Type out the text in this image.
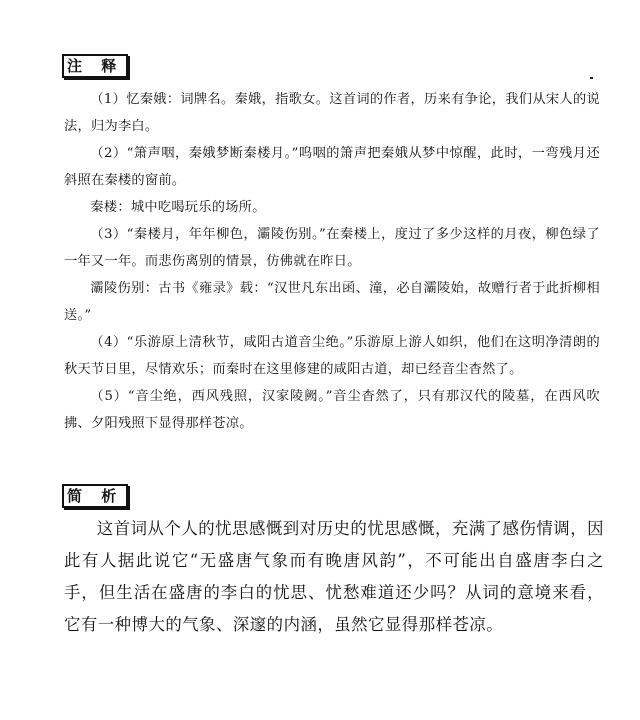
注 释

（1）忆秦娥：词牌名。秦娥，指歌女。这首词的作者，历来有争论，我们从宋人的说法，归为李白。

（2）“箫声咽，秦娥梦断秦楼月。”呜咽的箫声把秦娥从梦中惊醒，此时，一弯残月还斜照在秦楼的窗前。

秦楼：城中吃喝玩乐的场所。

（3）“秦楼月，年年柳色，灞陵伤别。”在秦楼上，度过了多少这样的月夜，柳色绿了一年又一年。而悲伤离别的情景，仿佛就在昨日。

灞陵伤别：古书《雍录》载：“汉世凡东出函、潼，必自灞陵始，故赠行者于此折柳相送。”

（4）“乐游原上清秋节，咸阳古道音尘绝。”乐游原上游人如织，他们在这明净清朗的秋天节日里，尽情欢乐；而秦时在这里修建的咸阳古道，却已经音尘杳然了。

（5）“音尘绝，西风残照，汉家陵阙。”音尘杳然了，只有那汉代的陵墓，在西风吹拂、夕阳残照下显得那样苍凉。

简 析

这首词从个人的忧思感慨到对历史的忧思感慨，充满了感伤情调，因此有人据此说它“无盛唐气象而有晚唐风韵”，不可能出自盛唐李白之手，但生活在盛唐的李白的忧思、忧愁难道还少吗？从词的意境来看，它有一种博大的气象、深邃的内涵，虽然它显得那样苍凉。
